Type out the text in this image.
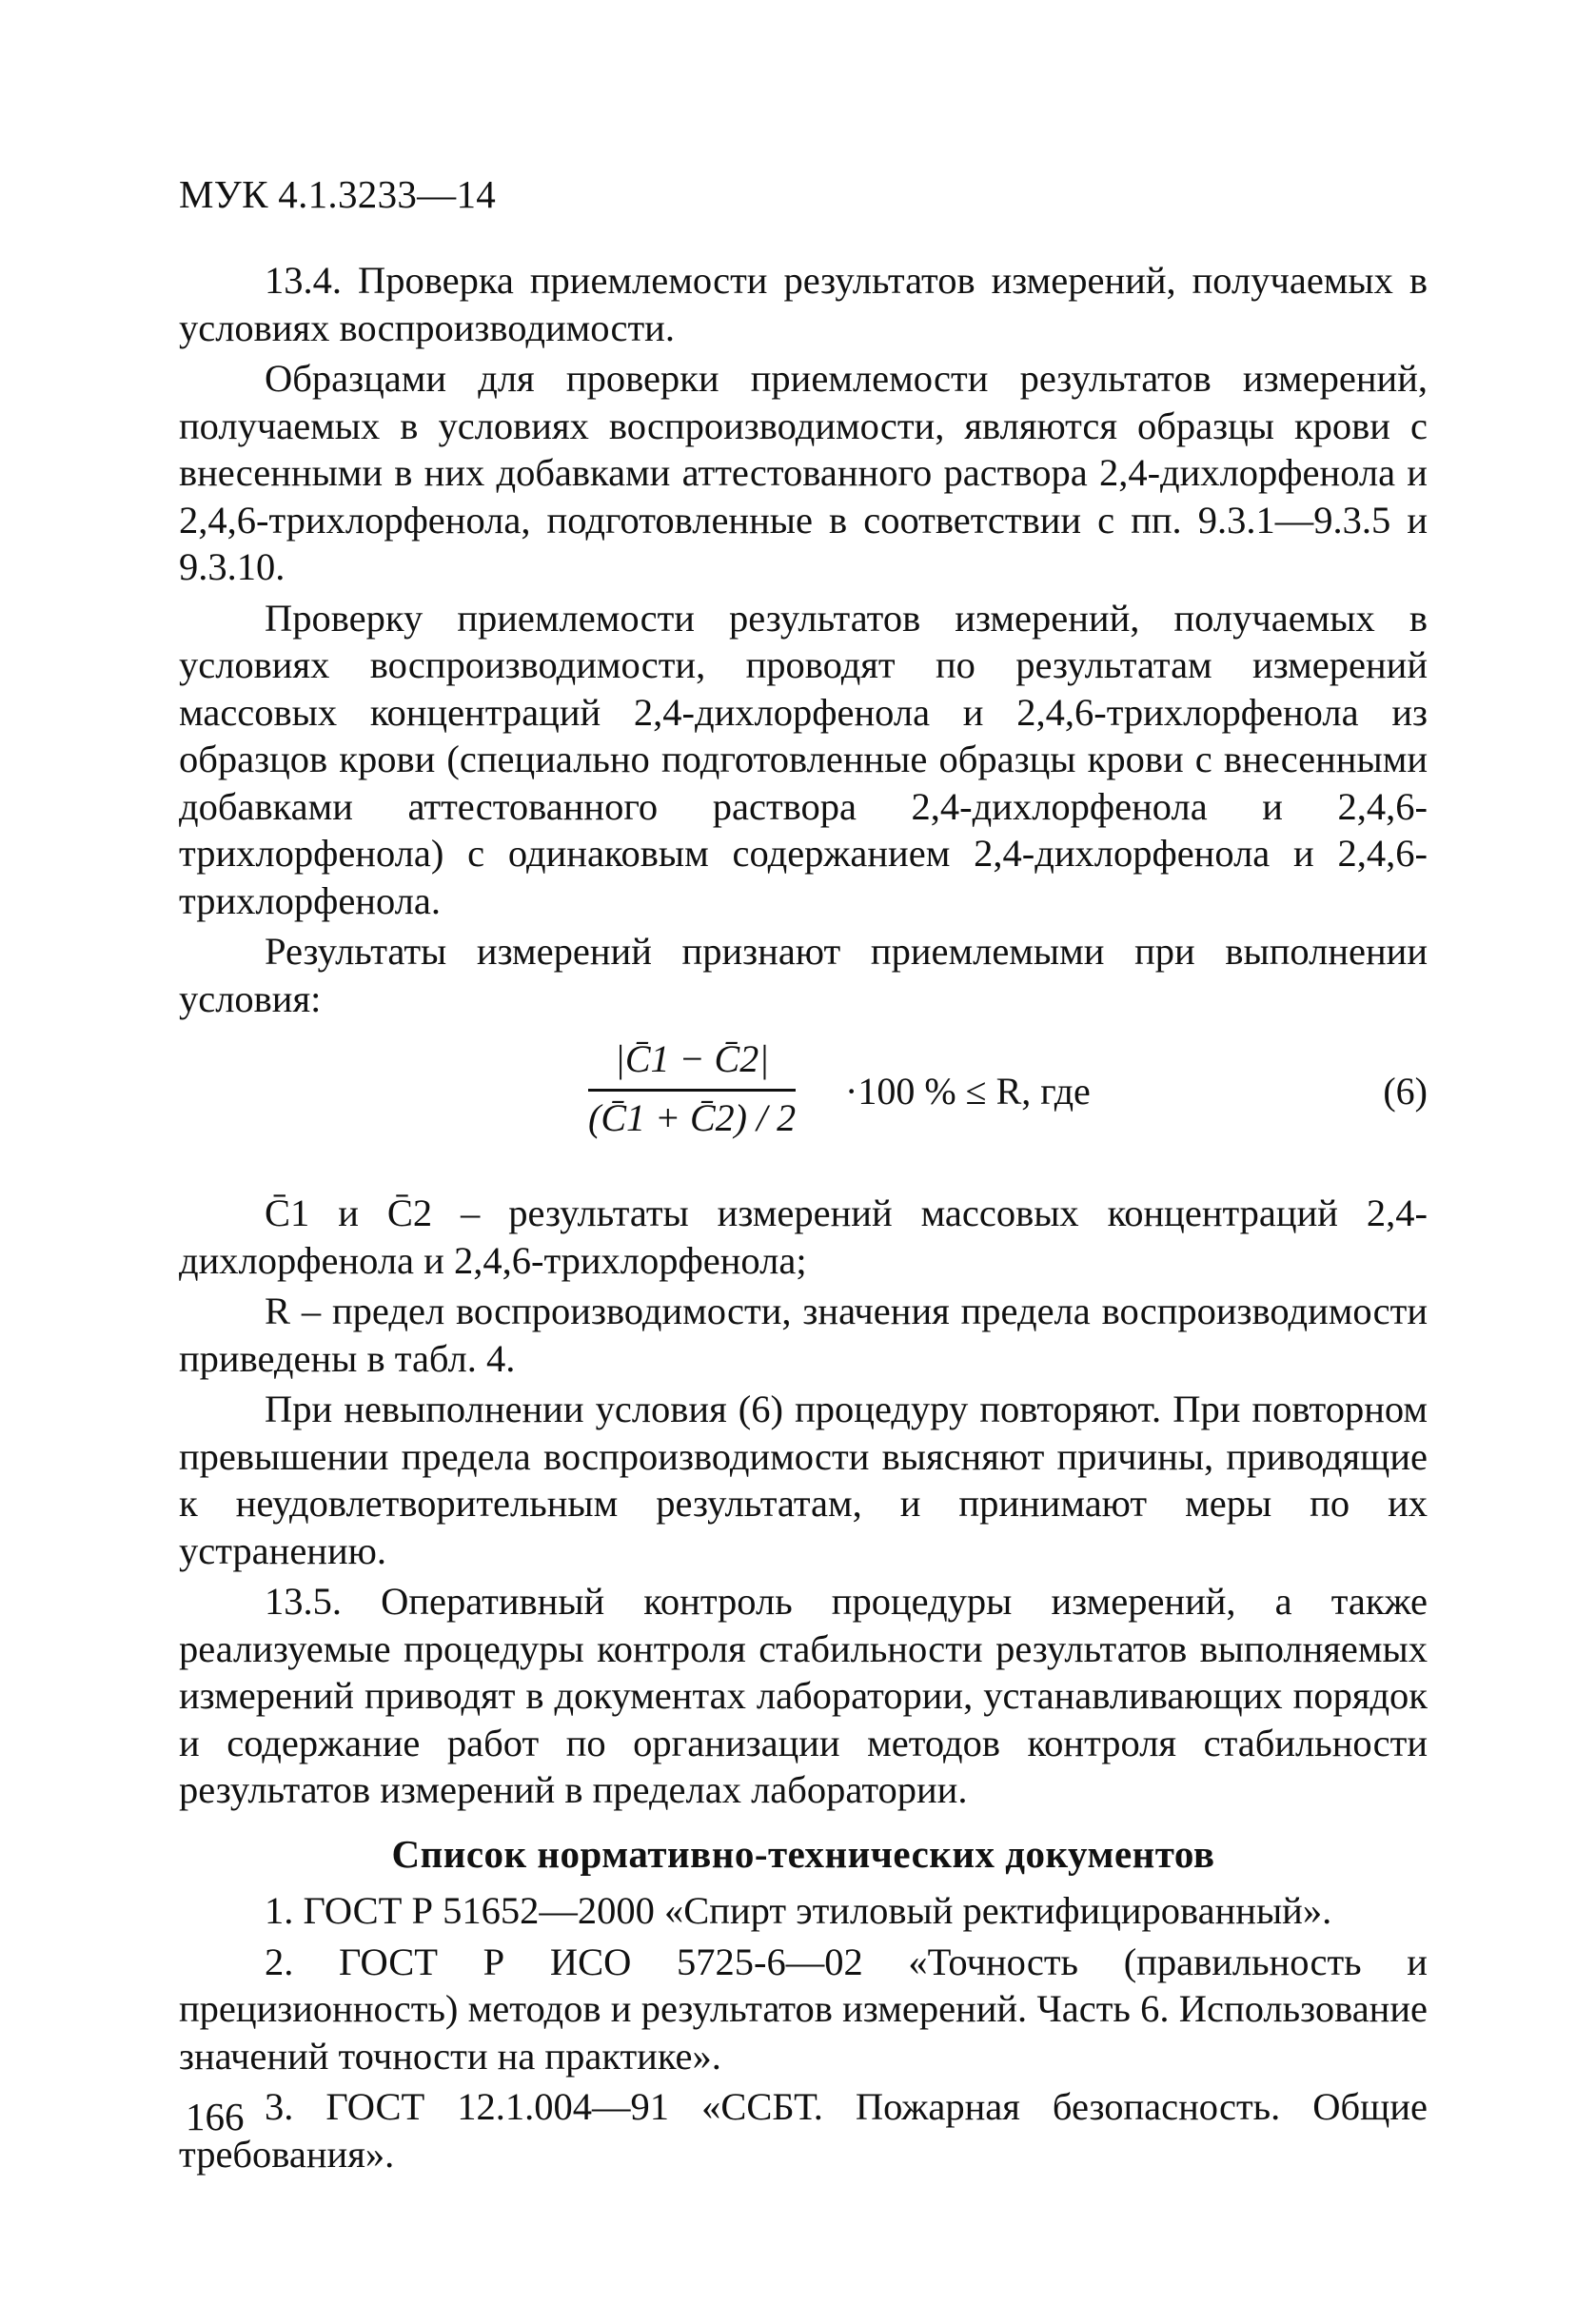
МУК 4.1.3233—14

13.4. Проверка приемлемости результатов измерений, получаемых в условиях воспроизводимости.

Образцами для проверки приемлемости результатов измерений, получаемых в условиях воспроизводимости, являются образцы крови с внесенными в них добавками аттестованного раствора 2,4-дихлорфенола и 2,4,6-трихлорфенола, подготовленные в соответствии с пп. 9.3.1—9.3.5 и 9.3.10.

Проверку приемлемости результатов измерений, получаемых в условиях воспроизводимости, проводят по результатам измерений массовых концентраций 2,4-дихлорфенола и 2,4,6-трихлорфенола из образцов крови (специально подготовленные образцы крови с внесенными добавками аттестованного раствора 2,4-дихлорфенола и 2,4,6-трихлорфенола) с одинаковым содержанием 2,4-дихлорфенола и 2,4,6-трихлорфенола.

Результаты измерений признают приемлемыми при выполнении условия:

|C̄1 − C̄2|
(C̄1 + C̄2) / 2
·100 % ≤ R, где	(6)

C̄1 и C̄2 – результаты измерений массовых концентраций 2,4-дихлорфенола и 2,4,6-трихлорфенола;

R – предел воспроизводимости, значения предела воспроизводимости приведены в табл. 4.

При невыполнении условия (6) процедуру повторяют. При повторном превышении предела воспроизводимости выясняют причины, приводящие к неудовлетворительным результатам, и принимают меры по их устранению.

13.5. Оперативный контроль процедуры измерений, а также реализуемые процедуры контроля стабильности результатов выполняемых измерений приводят в документах лаборатории, устанавливающих порядок и содержание работ по организации методов контроля стабильности результатов измерений в пределах лаборатории.

Список нормативно-технических документов

1. ГОСТ Р 51652—2000 «Спирт этиловый ректифицированный».

2. ГОСТ Р ИСО 5725-6—02 «Точность (правильность и прецизионность) методов и результатов измерений. Часть 6. Использование значений точности на практике».

3. ГОСТ 12.1.004—91 «ССБТ. Пожарная безопасность. Общие требования».

166
